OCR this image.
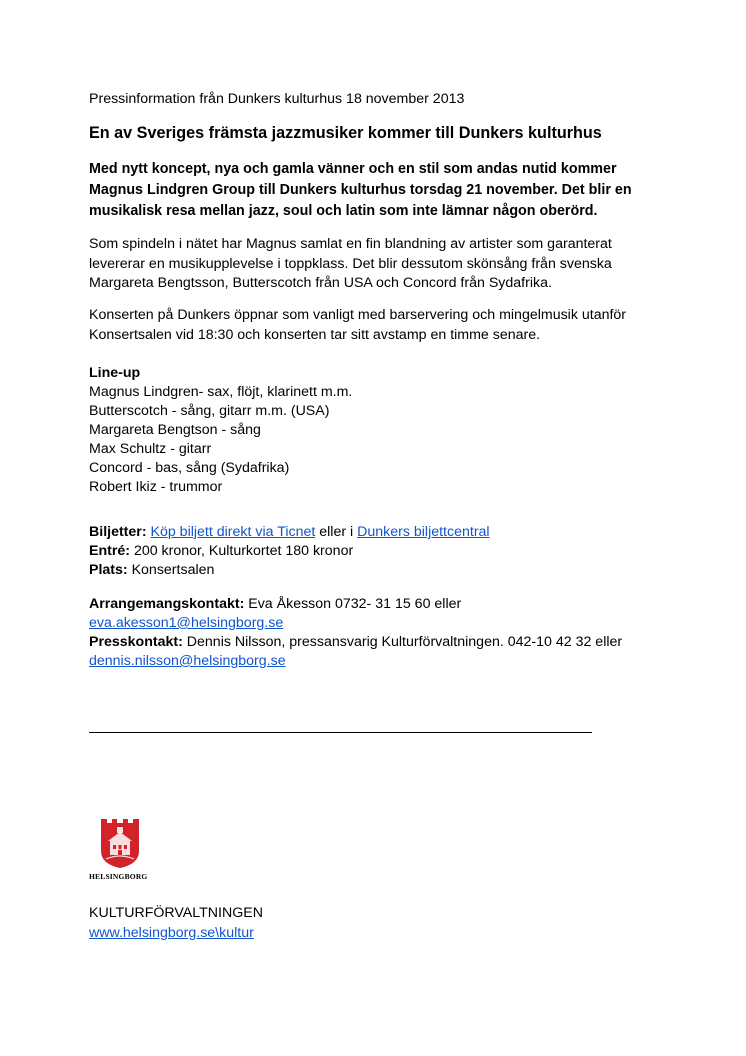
Pressinformation från Dunkers kulturhus 18 november 2013
En av Sveriges främsta jazzmusiker kommer till Dunkers kulturhus
Med nytt koncept, nya och gamla vänner och en stil som andas nutid kommer Magnus Lindgren Group till Dunkers kulturhus torsdag 21 november. Det blir en musikalisk resa mellan jazz, soul och latin som inte lämnar någon oberörd.
Som spindeln i nätet har Magnus samlat en fin blandning av artister som garanterat levererar en musikupplevelse i toppklass. Det blir dessutom skönsång från svenska Margareta Bengtsson, Butterscotch från USA och Concord från Sydafrika.
Konserten på Dunkers öppnar som vanligt med barservering och mingelmusik utanför Konsertsalen vid 18:30 och konserten tar sitt avstamp en timme senare.
Line-up
Magnus Lindgren- sax, flöjt, klarinett m.m.
Butterscotch - sång, gitarr m.m. (USA)
Margareta Bengtson - sång
Max Schultz - gitarr
Concord - bas, sång (Sydafrika)
Robert Ikiz - trummor
Biljetter: Köp biljett direkt via Ticnet eller i Dunkers biljettcentral
Entré: 200 kronor, Kulturkortet 180 kronor
Plats: Konsertsalen
Arrangemangskontakt: Eva Åkesson 0732- 31 15 60 eller
eva.akesson1@helsingborg.se
Presskontakt: Dennis Nilsson, pressansvarig Kulturförvaltningen. 042-10 42 32 eller
dennis.nilsson@helsingborg.se
HELSINGBORG
KULTURFÖRVALTNINGEN
www.helsingborg.se\kultur
